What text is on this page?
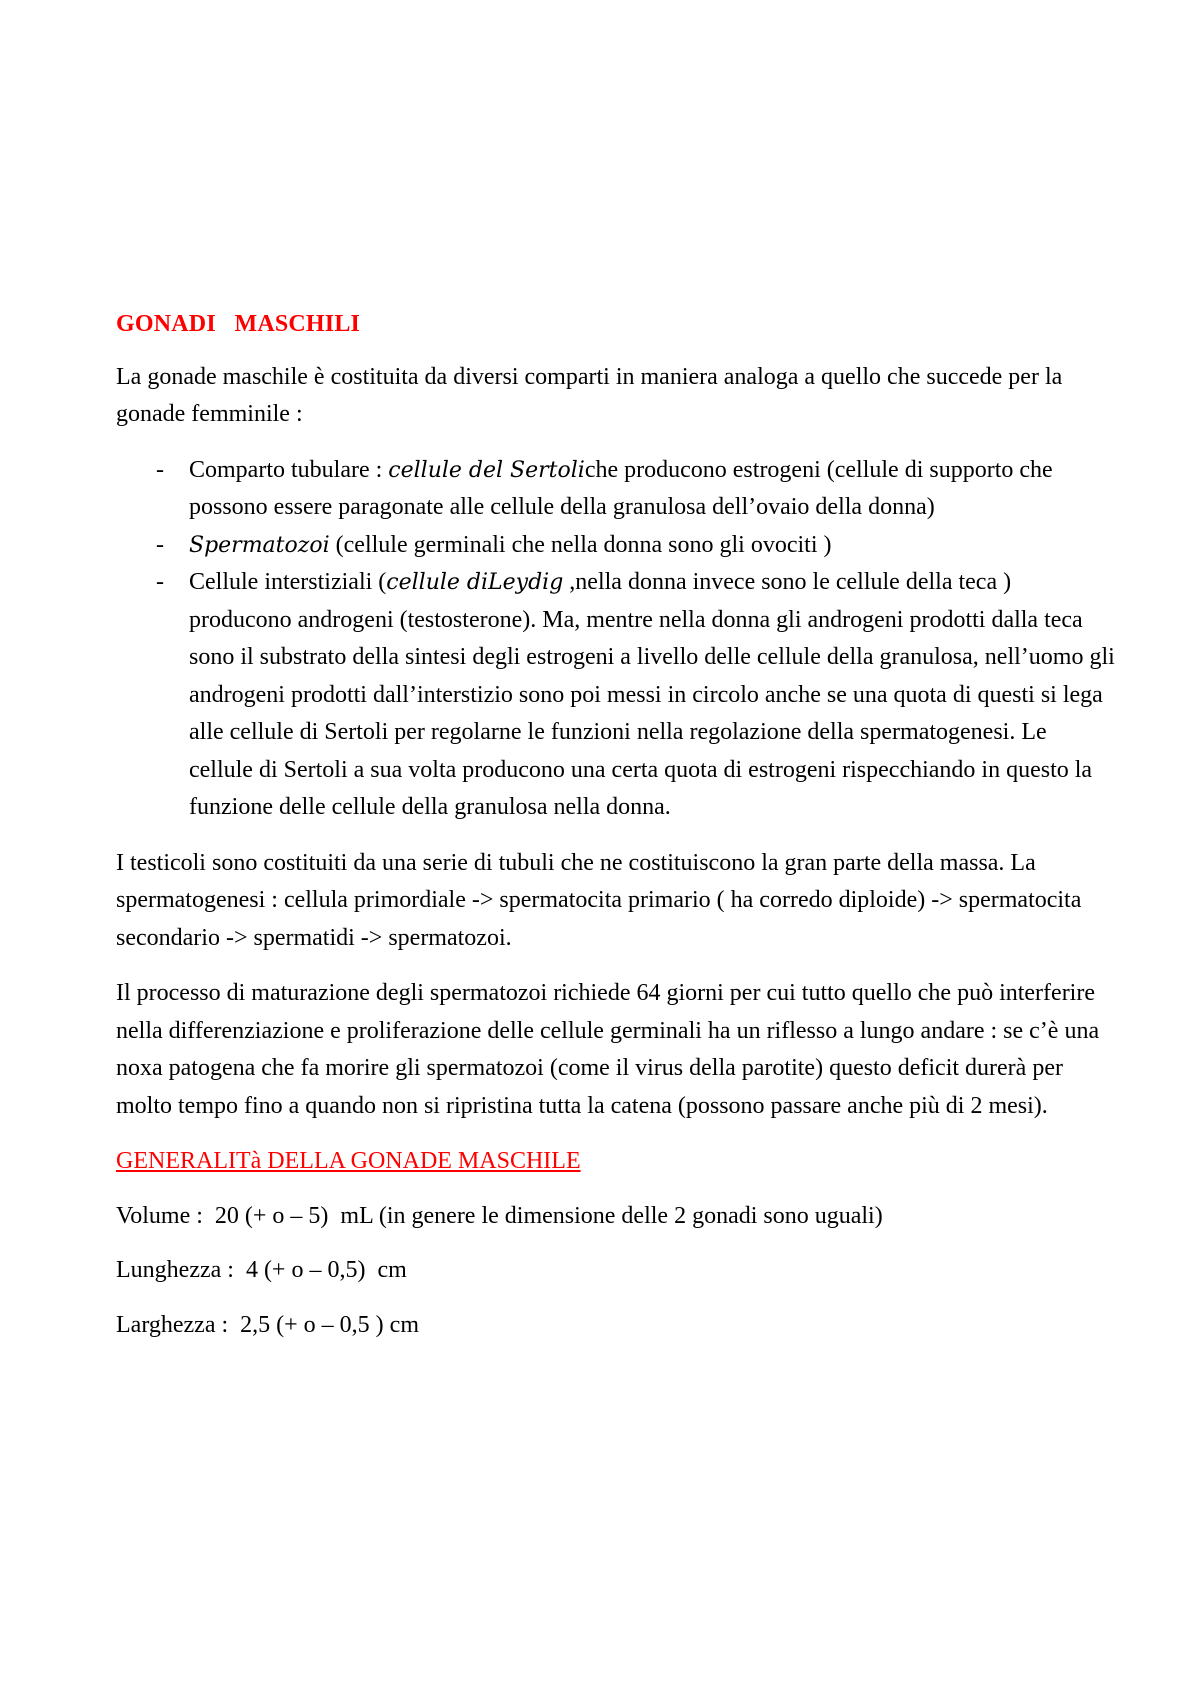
GONADI   MASCHILI

La gonade maschile è costituita da diversi comparti in maniera analoga a quello che succede per la gonade femminile :

- Comparto tubulare : cellule del Sertoliche producono estrogeni (cellule di supporto che possono essere paragonate alle cellule della granulosa dell’ovaio della donna)
- Spermatozoi (cellule germinali che nella donna sono gli ovociti )
- Cellule interstiziali (cellule diLeydig ,nella donna invece sono le cellule della teca ) producono androgeni (testosterone). Ma, mentre nella donna gli androgeni prodotti dalla teca sono il substrato della sintesi degli estrogeni a livello delle cellule della granulosa, nell’uomo gli androgeni prodotti dall’interstizio sono poi messi in circolo anche se una quota di questi si lega alle cellule di Sertoli per regolarne le funzioni nella regolazione della spermatogenesi. Le cellule di Sertoli a sua volta producono una certa quota di estrogeni rispecchiando in questo la funzione delle cellule della granulosa nella donna.

I testicoli sono costituiti da una serie di tubuli che ne costituiscono la gran parte della massa. La spermatogenesi : cellula primordiale -> spermatocita primario ( ha corredo diploide) -> spermatocita secondario -> spermatidi -> spermatozoi.

Il processo di maturazione degli spermatozoi richiede 64 giorni per cui tutto quello che può interferire nella differenziazione e proliferazione delle cellule germinali ha un riflesso a lungo andare : se c’è una noxa patogena che fa morire gli spermatozoi (come il virus della parotite) questo deficit durerà per molto tempo fino a quando non si ripristina tutta la catena (possono passare anche più di 2 mesi).

GENERALITà DELLA GONADE MASCHILE
Volume :  20 (+ o – 5)  mL (in genere le dimensione delle 2 gonadi sono uguali)
Lunghezza :  4 (+ o – 0,5)  cm
Larghezza :  2,5 (+ o – 0,5 ) cm
